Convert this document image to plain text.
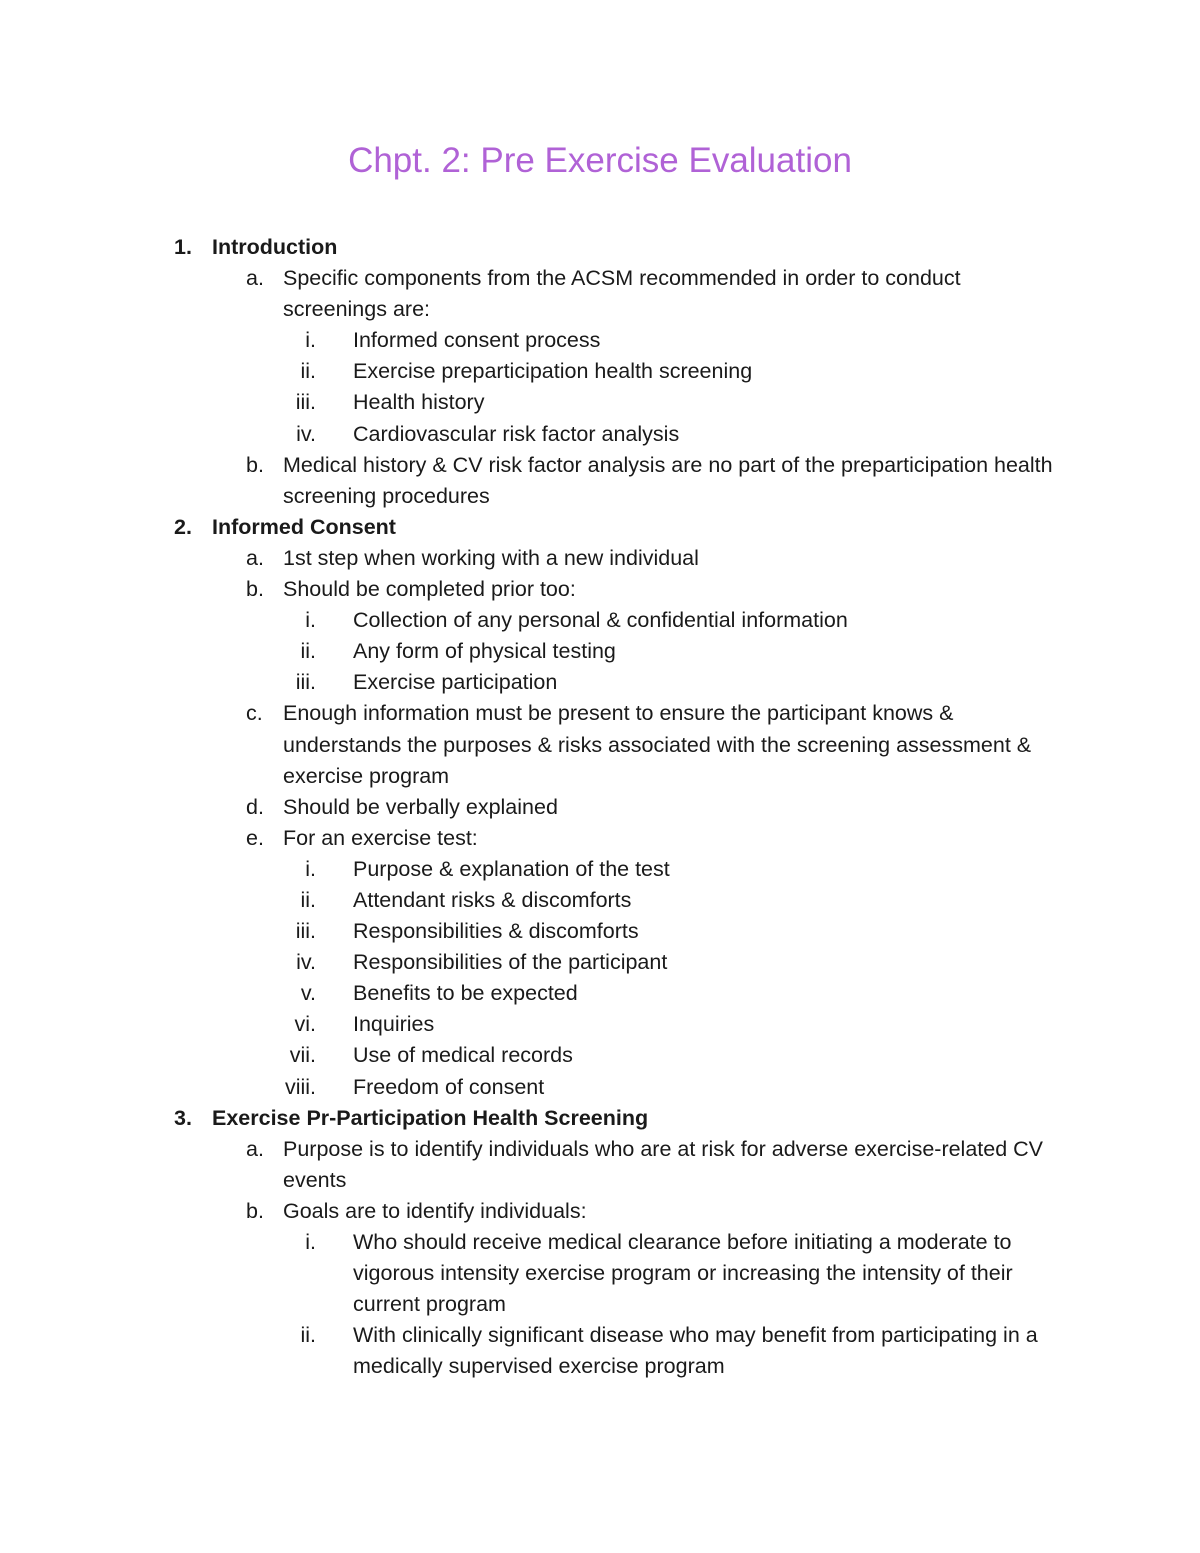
Chpt. 2: Pre Exercise Evaluation
1. Introduction
a. Specific components from the ACSM recommended in order to conduct screenings are:
i.	Informed consent process
ii.	Exercise preparticipation health screening
iii.	Health history
iv.	Cardiovascular risk factor analysis
b. Medical history & CV risk factor analysis are no part of the preparticipation health screening procedures
2. Informed Consent
a. 1st step when working with a new individual
b. Should be completed prior too:
i.	Collection of any personal & confidential information
ii.	Any form of physical testing
iii.	Exercise participation
c. Enough information must be present to ensure the participant knows & understands the purposes & risks associated with the screening assessment & exercise program
d. Should be verbally explained
e. For an exercise test:
i.	Purpose & explanation of the test
ii.	Attendant risks & discomforts
iii.	Responsibilities & discomforts
iv.	Responsibilities of the participant
v.	Benefits to be expected
vi.	Inquiries
vii.	Use of medical records
viii.	Freedom of consent
3. Exercise Pr-Participation Health Screening
a. Purpose is to identify individuals who are at risk for adverse exercise-related CV events
b. Goals are to identify individuals:
i.	Who should receive medical clearance before initiating a moderate to vigorous intensity exercise program or increasing the intensity of their current program
ii.	With clinically significant disease who may benefit from participating in a medically supervised exercise program
